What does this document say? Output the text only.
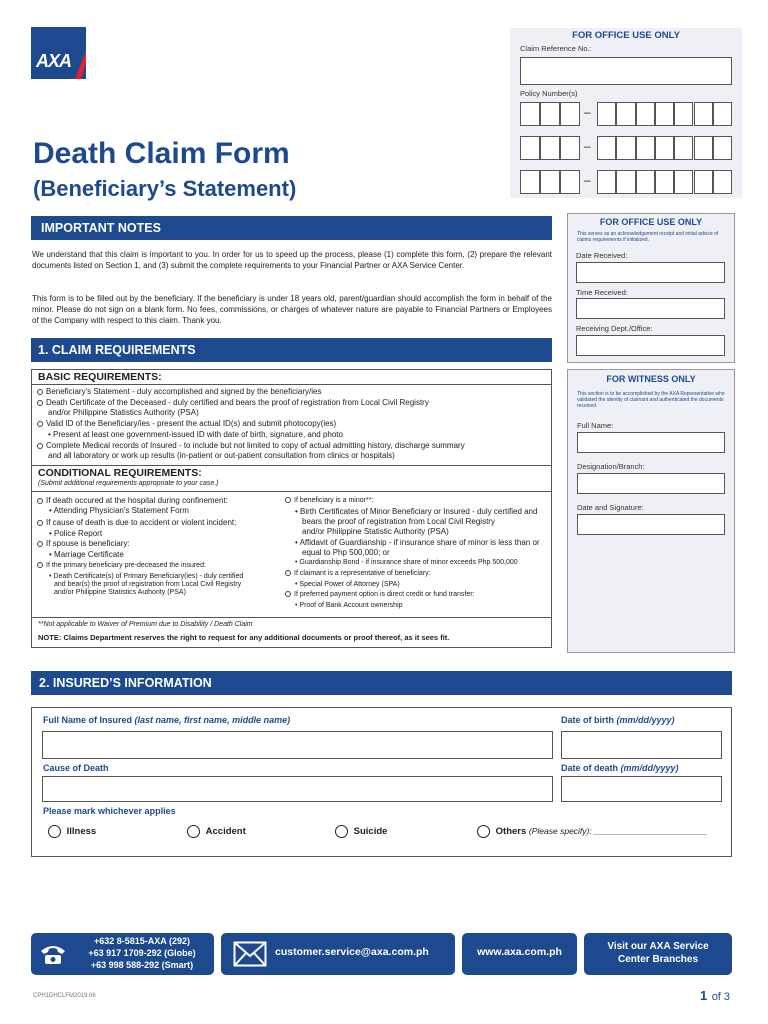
AXA
Death Claim Form
(Beneficiary’s Statement)
FOR OFFICE USE ONLY
Claim Reference No.:
Policy Number(s)
–
–
–
IMPORTANT NOTES
We understand that this claim is important to you. In order for us to speed up the process, please (1) complete this form, (2) prepare the relevant documents listed on Section 1, and (3) submit the complete requirements to your Financial Partner or AXA Service Center.
This form is to be filled out by the beneficiary. If the beneficiary is under 18 years old, parent/guardian should accomplish the form in behalf of the minor. Please do not sign on a blank form. No fees, commissions, or charges of whatever nature are payable to Financial Partners or Employees of the Company with respect to this claim. Thank you.
FOR OFFICE USE ONLY
This serves as an acknowledgement receipt and initial advice of claims requirements if initialized.
Date Received:
Time Received:
Receiving Dept./Office:
FOR WITNESS ONLY
This section is to be accomplished by the AXA Representative who validated the identity of claimant and authenticated the documents received.
Full Name:
Designation/Branch:
Date and Signature:
1. CLAIM REQUIREMENTS
BASIC REQUIREMENTS:
Beneficiary's Statement - duly accomplished and signed by the beneficiary/ies
Death Certificate of the Deceased - duly certified and bears the proof of registration from Local Civil Registry
and/or Philippine Statistics Authority (PSA)
Valid ID of the Beneficiary/ies - present the actual ID(s) and submit photocopy(ies)
• Present at least one government-issued ID with date of birth, signature, and photo
Complete Medical records of Insured - to include but not limited to copy of actual admitting history, discharge summary
and all laboratory or work up results (in-patient or out-patient consultation from clinics or hospitals)
CONDITIONAL REQUIREMENTS:
(Submit additional requirements appropriate to your case.)
If death occured at the hospital during confinement:
• Attending Physician's Statement Form
If cause of death is due to accident or violent incident:
• Police Report
If spouse is beneficiary:
• Marriage Certificate
If the primary beneficiary pre-deceased the insured:
• Death Certificate(s) of Primary Beneficiary(ies) - duly certified
and bear(s) the proof of registration from Local Civil Registry
and/or Philippine Statistics Authority (PSA)
If beneficiary is a minor**:
• Birth Certificates of Minor Beneficiary or Insured - duly certified and
bears the proof of registration from Local Civil Registry
and/or Philippine Statistic Authority (PSA)
• Affidavit of Guardianship - if insurance share of minor is less than or
equal to Php 500,000; or
• Guardianship Bond - if insurance share of minor exceeds Php 500,000
If claimant is a representative of beneficiary:
• Special Power of Attorney (SPA)
If preferred payment option is direct credit or fund transfer:
• Proof of Bank Account ownership
**Not applicable to Waiver of Premium due to Disability / Death Claim
NOTE: Claims Department reserves the right to request for any additional documents or proof thereof, as it sees fit.
2. INSURED’S INFORMATION
Full Name of Insured (last name, first name, middle name)	Date of birth (mm/dd/yyyy)
Cause of Death	Date of death (mm/dd/yyyy)
Please mark whichever applies
Illness	Accident	Suicide	Others (Please specify): ________________________
+632 8-5815-AXA (292)
+63 917 1709-292 (Globe)
+63 998 588-292 (Smart)
customer.service@axa.com.ph	www.axa.com.ph	Visit our AXA Service
Center Branches
CPH1DHCLFM2019.06	1 of 3
